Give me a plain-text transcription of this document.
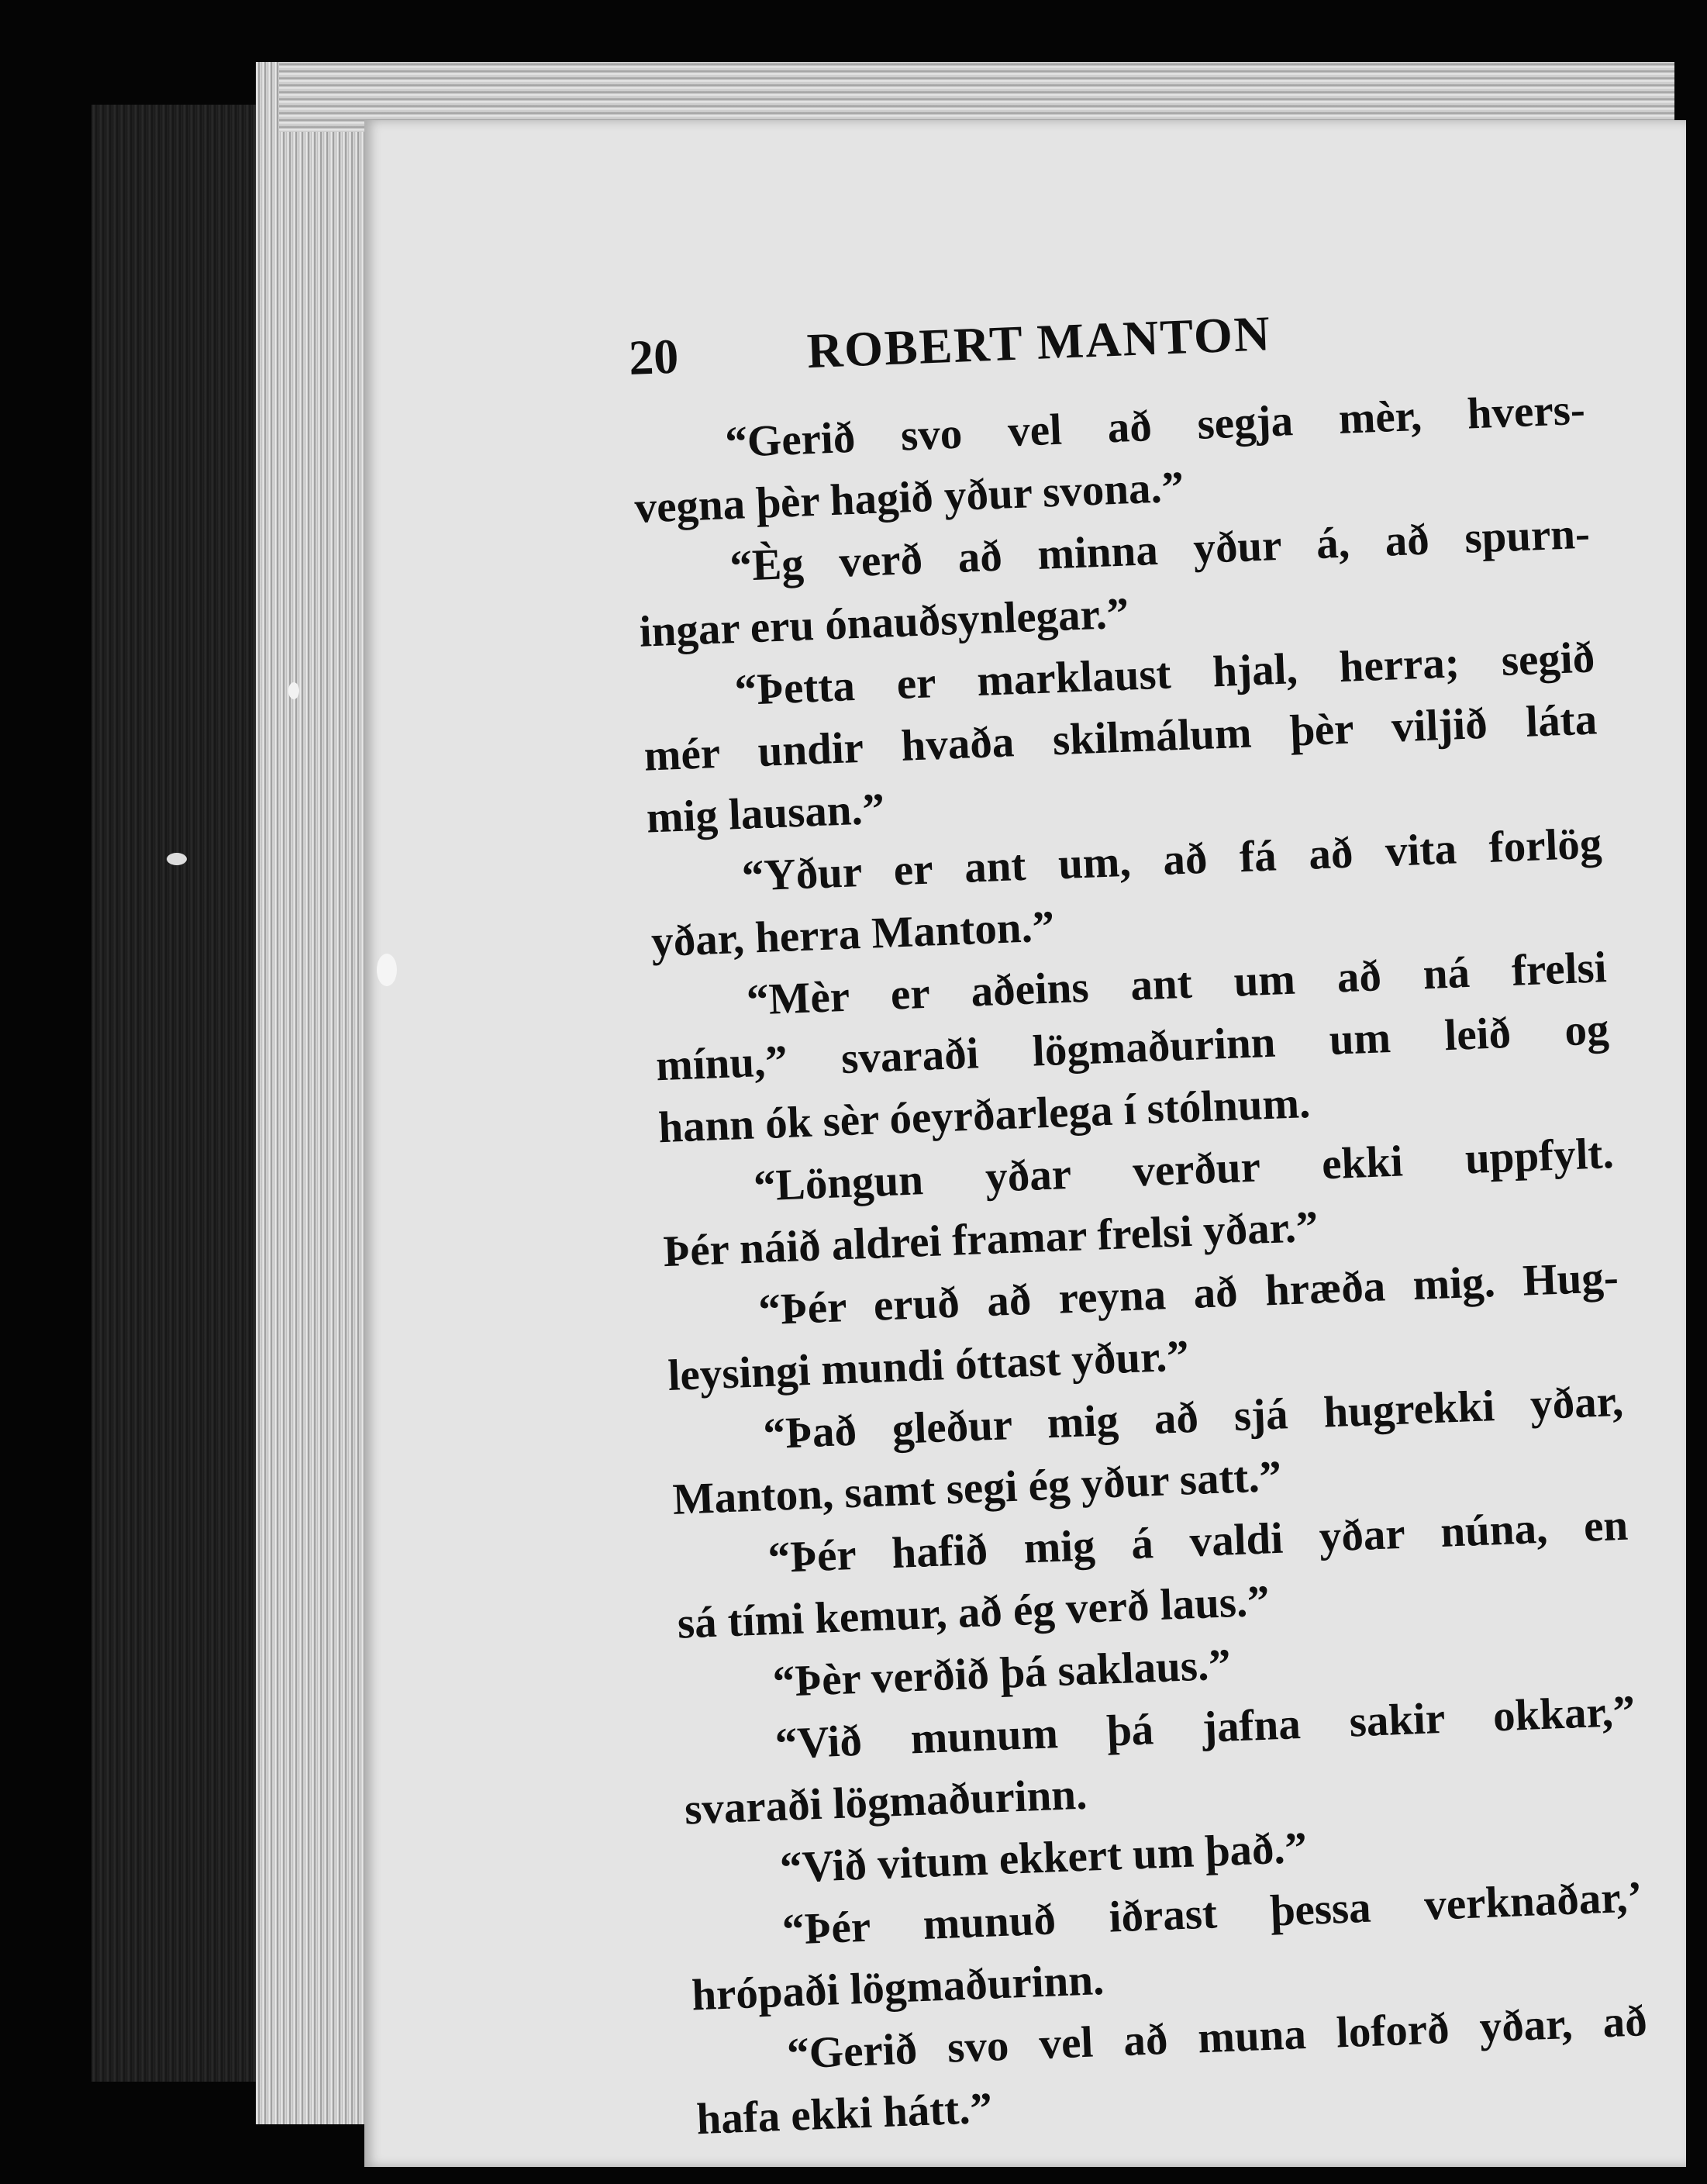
20	ROBERT MANTON
“Gerið svo vel að segja mèr, hvers-
vegna þèr hagið yður svona.”
“Èg verð að minna yður á, að spurn-
ingar eru ónauðsynlegar.”
“Þetta er marklaust hjal, herra; segið
mér undir hvaða skilmálum þèr viljið láta
mig lausan.”
“Yður er ant um, að fá að vita forlög
yðar, herra Manton.”
“Mèr er aðeins ant um að ná frelsi
mínu,” svaraði lögmaðurinn um leið og
hann ók sèr óeyrðarlega í stólnum.
“Löngun yðar verður ekki uppfylt.
Þér náið aldrei framar frelsi yðar.”
“Þér eruð að reyna að hræða mig. Hug-
leysingi mundi óttast yður.”
“Það gleður mig að sjá hugrekki yðar,
Manton, samt segi ég yður satt.”
“Þér hafið mig á valdi yðar núna, en
sá tími kemur, að ég verð laus.”
“Þèr verðið þá saklaus.”
“Við munum þá jafna sakir okkar,”
svaraði lögmaðurinn.
“Við vitum ekkert um það.”
“Þér munuð iðrast þessa verknaðar,’
hrópaði lögmaðurinn.
“Gerið svo vel að muna loforð yðar, að
hafa ekki hátt.”
